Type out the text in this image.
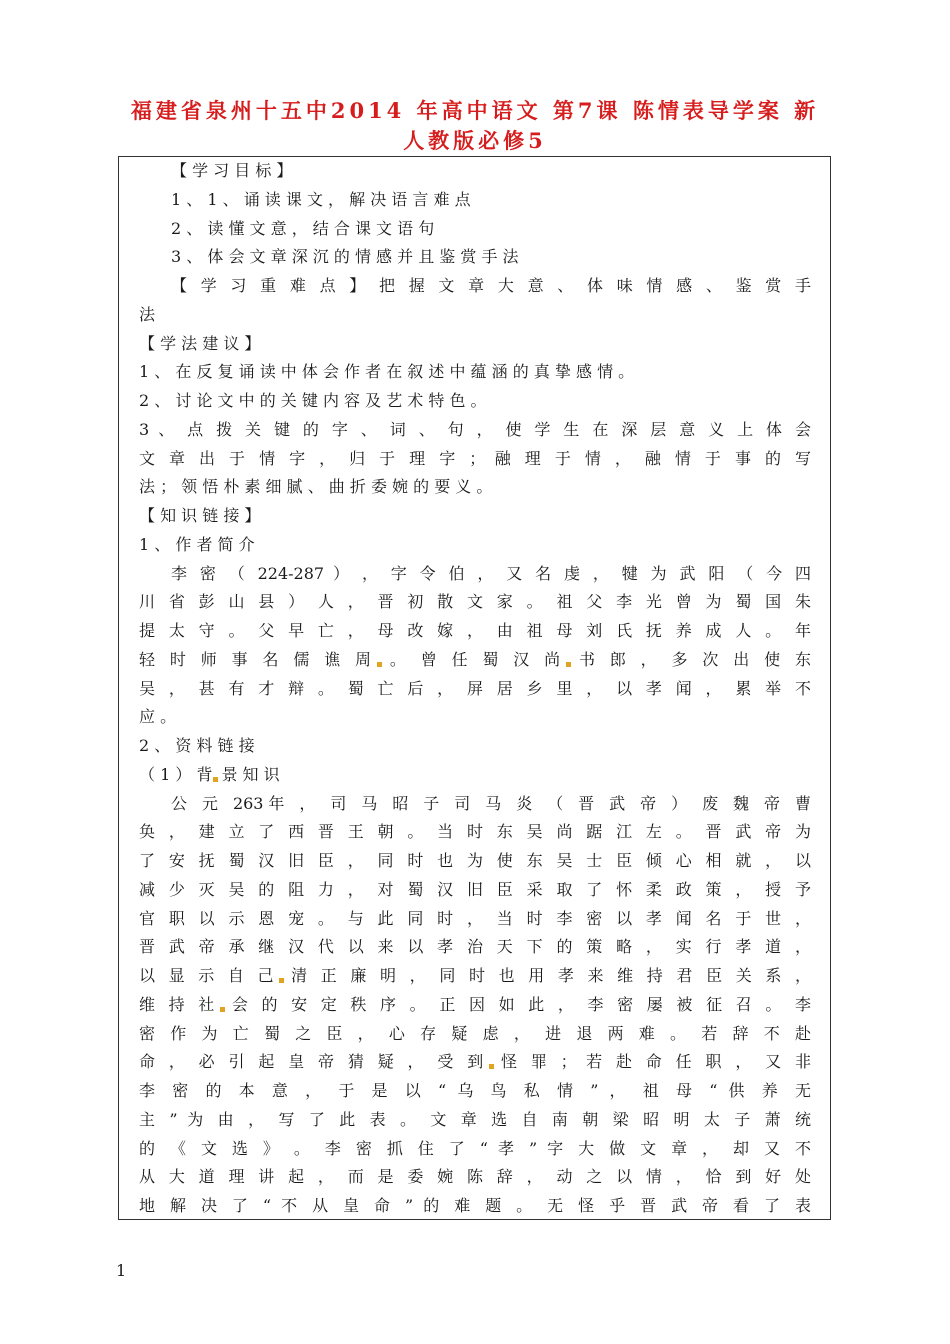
福建省泉州十五中2014 年高中语文 第7课 陈情表导学案 新
人教版必修5
【 学 习 目 标 】
1 、 1 、 诵 读 课 文 ， 解 决 语 言 难 点
2 、 读 懂 文 意 ， 结 合 课 文 语 句
3 、 体 会 文 章 深 沉 的 情 感 并 且 鉴 赏 手 法
【 学 习 重 难 点 】 把 握 文 章 大 意 、 体 味 情 感 、 鉴 赏 手
法
【 学 法 建 议 】
1 、 在 反 复 诵 读 中 体 会 作 者 在 叙 述 中 蕴 涵 的 真 挚 感 情 。
2 、 讨 论 文 中 的 关 键 内 容 及 艺 术 特 色 。
3 、 点 拨 关 键 的 字 、 词 、 句 ， 使 学 生 在 深 层 意 义 上 体 会
文 章 出 于 情 字 ， 归 于 理 字 ； 融 理 于 情 ， 融 情 于 事 的 写
法 ； 领 悟 朴 素 细 腻 、 曲 折 委 婉 的 要 义 。
【 知 识 链 接 】
1 、 作 者 简 介
李 密 （ 224-287 ） ， 字 令 伯 ， 又 名 虔 ， 犍 为 武 阳 （ 今 四
川 省 彭 山 县 ） 人 ， 晋 初 散 文 家 。 祖 父 李 光 曾 为 蜀 国 朱
提 太 守 。 父 早 亡 ， 母 改 嫁 ， 由 祖 母 刘 氏 抚 养 成 人 。 年
轻 时 师 事 名 儒 谯 周 。 曾 任 蜀 汉 尚 书 郎 ， 多 次 出 使 东
吴 ， 甚 有 才 辩 。 蜀 亡 后 ， 屏 居 乡 里 ， 以 孝 闻 ， 累 举 不
应 。
2 、 资 料 链 接
（ 1 ） 背 景 知 识
公 元 263年 ， 司 马 昭 子 司 马 炎 （ 晋 武 帝 ） 废 魏 帝 曹
奂 ， 建 立 了 西 晋 王 朝 。 当 时 东 吴 尚 踞 江 左 。 晋 武 帝 为
了 安 抚 蜀 汉 旧 臣 ， 同 时 也 为 使 东 吴 士 臣 倾 心 相 就 ， 以
减 少 灭 吴 的 阻 力 ， 对 蜀 汉 旧 臣 采 取 了 怀 柔 政 策 ， 授 予
官 职 以 示 恩 宠 。 与 此 同 时 ， 当 时 李 密 以 孝 闻 名 于 世 ，
晋 武 帝 承 继 汉 代 以 来 以 孝 治 天 下 的 策 略 ， 实 行 孝 道 ，
以 显 示 自 己 清 正 廉 明 ， 同 时 也 用 孝 来 维 持 君 臣 关 系 ，
维 持 社 会 的 安 定 秩 序 。 正 因 如 此 ， 李 密 屡 被 征 召 。 李
密 作 为 亡 蜀 之 臣 ， 心 存 疑 虑 ， 进 退 两 难 。 若 辞 不 赴
命 ， 必 引 起 皇 帝 猜 疑 ， 受 到 怪 罪 ； 若 赴 命 任 职 ， 又 非
李 密 的 本 意 ， 于 是 以 “ 乌 鸟 私 情 ” ， 祖 母 “ 供 养 无
主 ” 为 由 ， 写 了 此 表 。 文 章 选 自 南 朝 梁 昭 明 太 子 萧 统
的 《 文 选 》 。 李 密 抓 住 了 “ 孝 ” 字 大 做 文 章 ， 却 又 不
从 大 道 理 讲 起 ， 而 是 委 婉 陈 辞 ， 动 之 以 情 ， 恰 到 好 处
地 解 决 了 “ 不 从 皇 命 ” 的 难 题 。 无 怪 乎 晋 武 帝 看 了 表
1
